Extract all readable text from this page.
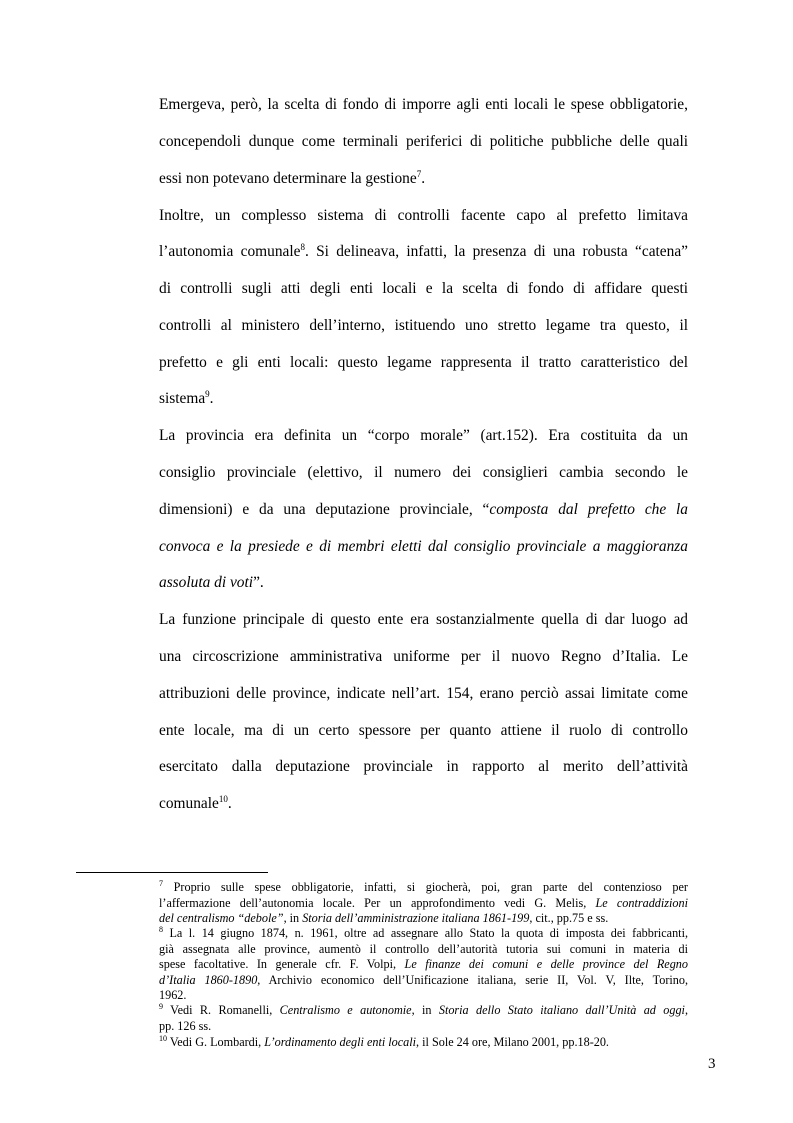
Emergeva, però, la scelta di fondo di imporre agli enti locali le spese obbligatorie,
concependoli dunque come terminali periferici di politiche pubbliche delle quali
essi non potevano determinare la gestione$^7$.
Inoltre, un complesso sistema di controlli facente capo al prefetto limitava
l’autonomia comunale$^8$. Si delineava, infatti, la presenza di una robusta “catena”
di controlli sugli atti degli enti locali e la scelta di fondo di affidare questi
controlli al ministero dell’interno, istituendo uno stretto legame tra questo, il
prefetto e gli enti locali: questo legame rappresenta il tratto caratteristico del
sistema$^9$.
La provincia era definita un “corpo morale” (art.152). Era costituita da un
consiglio provinciale (elettivo, il numero dei consiglieri cambia secondo le
dimensioni) e da una deputazione provinciale, “composta dal prefetto che la
convoca e la presiede e di membri eletti dal consiglio provinciale a maggioranza
assoluta di voti”.
La funzione principale di questo ente era sostanzialmente quella di dar luogo ad
una circoscrizione amministrativa uniforme per il nuovo Regno d’Italia. Le
attribuzioni delle province, indicate nell’art. 154, erano perciò assai limitate come
ente locale, ma di un certo spessore per quanto attiene il ruolo di controllo
esercitato dalla deputazione provinciale in rapporto al merito dell’attività
comunale$^{10}$.
$^7$ Proprio sulle spese obbligatorie, infatti, si giocherà, poi, gran parte del contenzioso per
l’affermazione dell’autonomia locale. Per un approfondimento vedi G. Melis, Le contraddizioni
del centralismo “debole”, in Storia dell’amministrazione italiana 1861-199, cit., pp.75 e ss.
$^8$ La l. 14 giugno 1874, n. 1961, oltre ad assegnare allo Stato la quota di imposta dei fabbricanti,
già assegnata alle province, aumentò il controllo dell’autorità tutoria sui comuni in materia di
spese facoltative. In generale cfr. F. Volpi, Le finanze dei comuni e delle province del Regno
d’Italia 1860-1890, Archivio economico dell’Unificazione italiana, serie II, Vol. V, Ilte, Torino,
1962.
$^9$ Vedi R. Romanelli, Centralismo e autonomie, in Storia dello Stato italiano dall’Unità ad oggi,
pp. 126 ss.
$^{10}$ Vedi G. Lombardi, L’ordinamento degli enti locali, il Sole 24 ore, Milano 2001, pp.18-20.
3
